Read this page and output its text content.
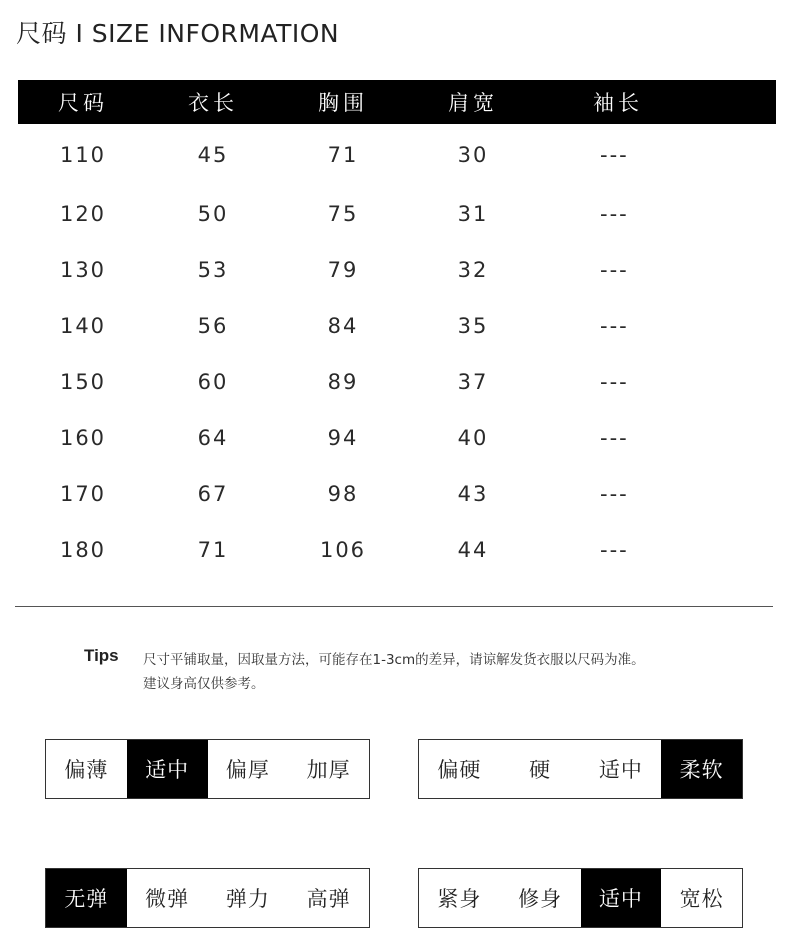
尺码 I SIZE INFORMATION
尺码	衣长	胸围	肩宽	袖长
110	45	71	30	---
120	50	75	31	---
130	53	79	32	---
140	56	84	35	---
150	60	89	37	---
160	64	94	40	---
170	67	98	43	---
180	71	106	44	---
Tips 尺寸平铺取量，因取量方法，可能存在1-3cm的差异，请谅解发货衣服以尺码为准。
建议身高仅供参考。
偏薄	适中	偏厚	加厚	偏硬	硬	适中	柔软
无弹	微弹	弹力	高弹	紧身	修身	适中	宽松
